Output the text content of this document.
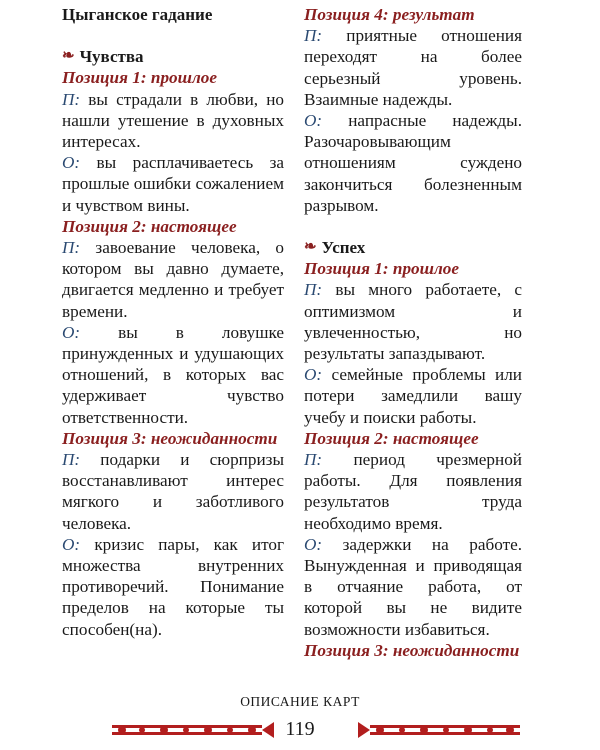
Цыганское гадание
❧ Чувства
Позиция 1: прошлое

П: вы страдали в любви, но нашли утешение в духовных интересах.

О: вы расплачиваетесь за прошлые ошибки сожалением и чувством вины.

Позиция 2: настоящее

П: завоевание человека, о котором вы давно думаете, двигается медленно и требует времени.

О: вы в ловушке принужденных и удушающих отношений, в которых вас удерживает чувство ответственности.

Позиция 3: неожиданности

П: подарки и сюрпризы восстанавливают интерес мягкого и заботливого человека.

О: кризис пары, как итог множества внутренних противоречий. Понимание пределов на которые ты способен(на).

Позиция 4: результат

П: приятные отношения переходят на более серьезный уровень. Взаимные надежды.

О: напрасные надежды. Разочаровывающим отношениям суждено закончиться болезненным разрывом.

❧ Успех
Позиция 1: прошлое

П: вы много работаете, с оптимизмом и увлеченностью, но результаты запаздывают.

О: семейные проблемы или потери замедлили вашу учебу и поиски работы.

Позиция 2: настоящее

П: период чрезмерной работы. Для появления результатов труда необходимо время.

О: задержки на работе. Вынужденная и приводящая в отчаяние работа, от которой вы не видите возможности избавиться.

Позиция 3: неожиданности
ОПИСАНИЕ КАРТ
119
